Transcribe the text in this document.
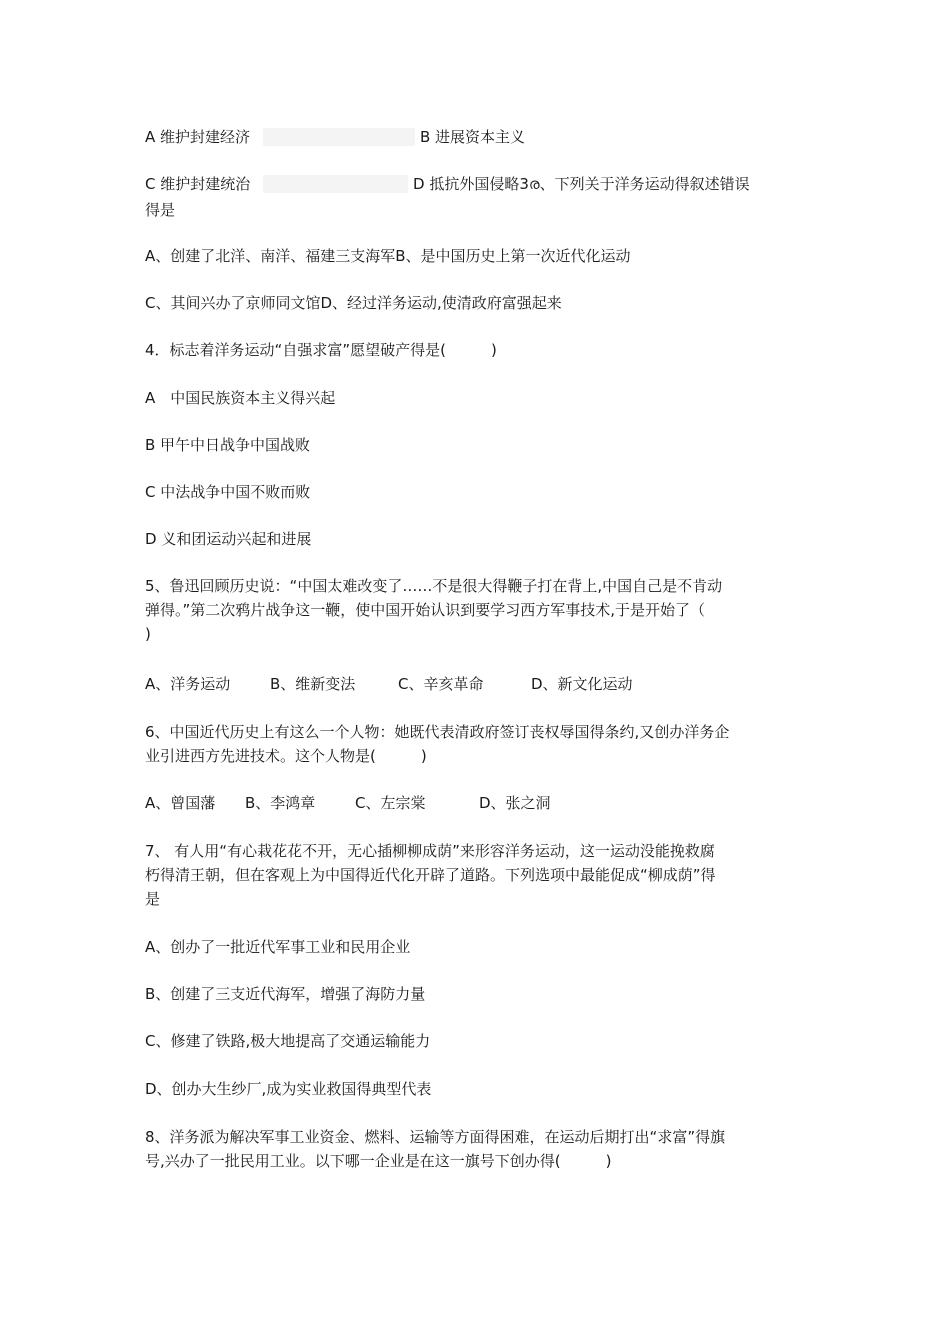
A 维护封建经济	B 进展资本主义
C 维护封建统治	D 抵抗外国侵略3ര、下列关于洋务运动得叙述错误
得是
A、创建了北洋、南洋、福建三支海军B、是中国历史上第一次近代化运动
C、其间兴办了京师同文馆D、经过洋务运动,使清政府富强起来
4．标志着洋务运动“自强求富”愿望破产得是(　　　)
A　中国民族资本主义得兴起
B 甲午中日战争中国战败
C 中法战争中国不败而败
D 义和团运动兴起和进展
5、鲁迅回顾历史说：“中国太难改变了……不是很大得鞭子打在背上,中国自己是不肯动
弹得。”第二次鸦片战争这一鞭，使中国开始认识到要学习西方军事技术,于是开始了（
)
A、洋务运动	B、维新变法	C、辛亥革命	D、新文化运动
6、中国近代历史上有这么一个人物：她既代表清政府签订丧权辱国得条约,又创办洋务企
业引进西方先进技术。这个人物是(　　　)
A、曾国藩 B、李鸿章	C、左宗棠	D、张之洞
7、 有人用“有心栽花花不开，无心插柳柳成荫”来形容洋务运动，这一运动没能挽救腐
朽得清王朝，但在客观上为中国得近代化开辟了道路。下列选项中最能促成“柳成荫”得
是
A、创办了一批近代军事工业和民用企业
B、创建了三支近代海军，增强了海防力量
C、修建了铁路,极大地提高了交通运输能力
D、创办大生纱厂,成为实业救国得典型代表
8、洋务派为解决军事工业资金、燃料、运输等方面得困难，在运动后期打出“求富”得旗
号,兴办了一批民用工业。以下哪一企业是在这一旗号下创办得(　　　)
